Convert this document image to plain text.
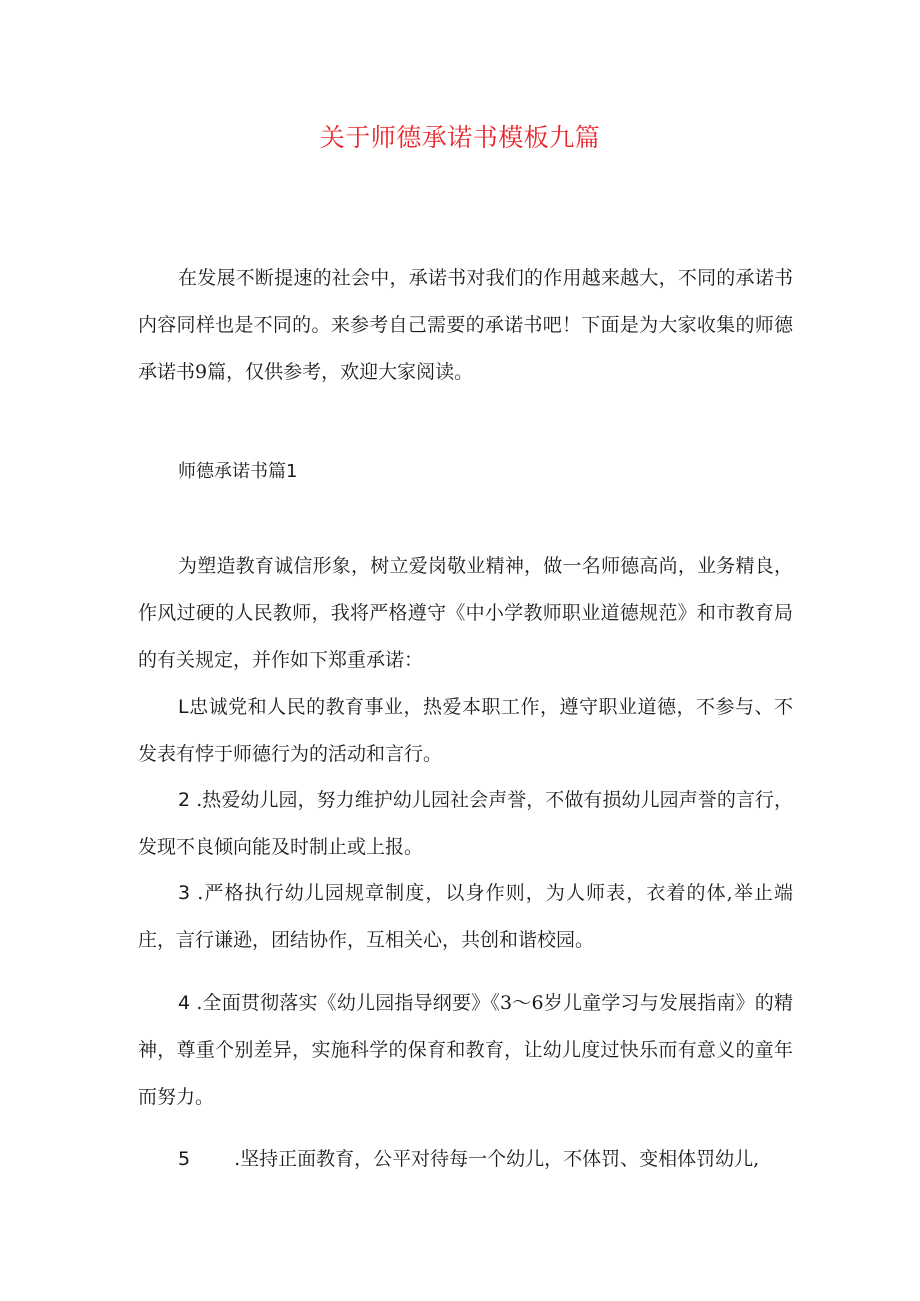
关于师德承诺书模板九篇

在发展不断提速的社会中，承诺书对我们的作用越来越大，不同的承诺书内容同样也是不同的。来参考自己需要的承诺书吧！下面是为大家收集的师德承诺书9篇，仅供参考，欢迎大家阅读。

师德承诺书篇1

为塑造教育诚信形象，树立爱岗敬业精神，做一名师德高尚，业务精良，作风过硬的人民教师，我将严格遵守《中小学教师职业道德规范》和市教育局的有关规定，并作如下郑重承诺：

L忠诚党和人民的教育事业，热爱本职工作，遵守职业道德，不参与、不发表有悖于师德行为的活动和言行。

2 .热爱幼儿园，努力维护幼儿园社会声誉，不做有损幼儿园声誉的言行，发现不良倾向能及时制止或上报。

3 .严格执行幼儿园规章制度，以身作则，为人师表，衣着的体,举止端庄，言行谦逊，团结协作，互相关心，共创和谐校园。

4 .全面贯彻落实《幼儿园指导纲要》《3〜6岁儿童学习与发展指南》的精神，尊重个别差异，实施科学的保育和教育，让幼儿度过快乐而有意义的童年而努力。

5 .坚持正面教育，公平对待每一个幼儿，不体罚、变相体罚幼儿,
